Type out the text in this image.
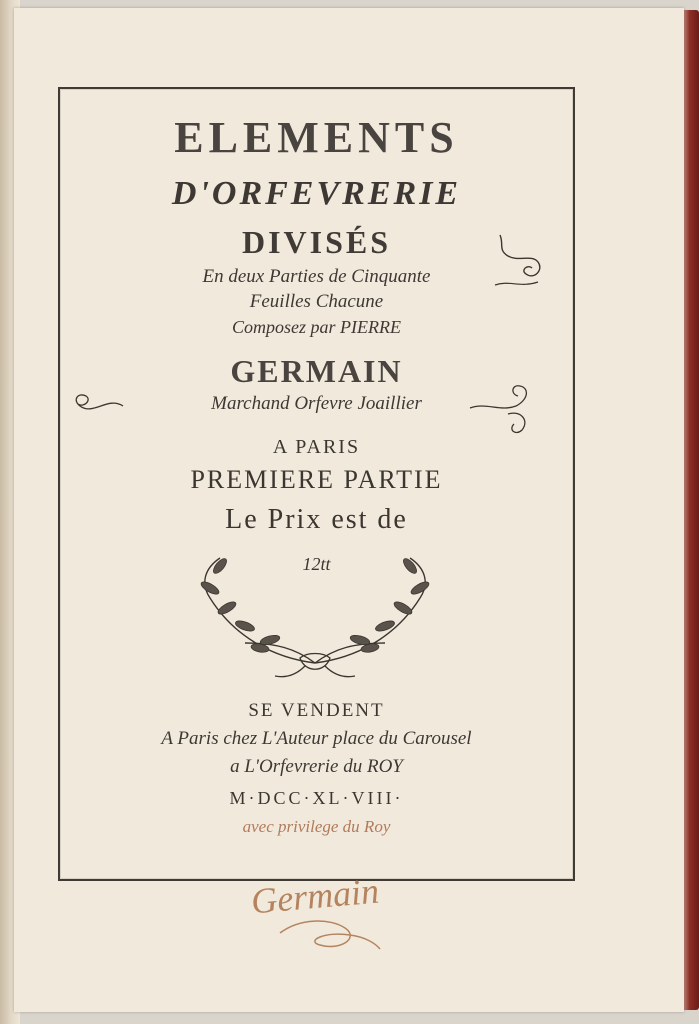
ELEMENTS
D'ORFEVRERIE
DIVISÉS
En deux Parties de Cinquante
Feuilles Chacune
Composez par PIERRE
GERMAIN
Marchand Orfevre Joaillier
A PARIS
PREMIERE PARTIE
Le Prix est de
12tt
SE VENDENT
A Paris chez L'Auteur place du Carousel
a L'Orfevrerie du ROY
M·DCC·XL·VIII·
avec privilege du Roy
Germain
